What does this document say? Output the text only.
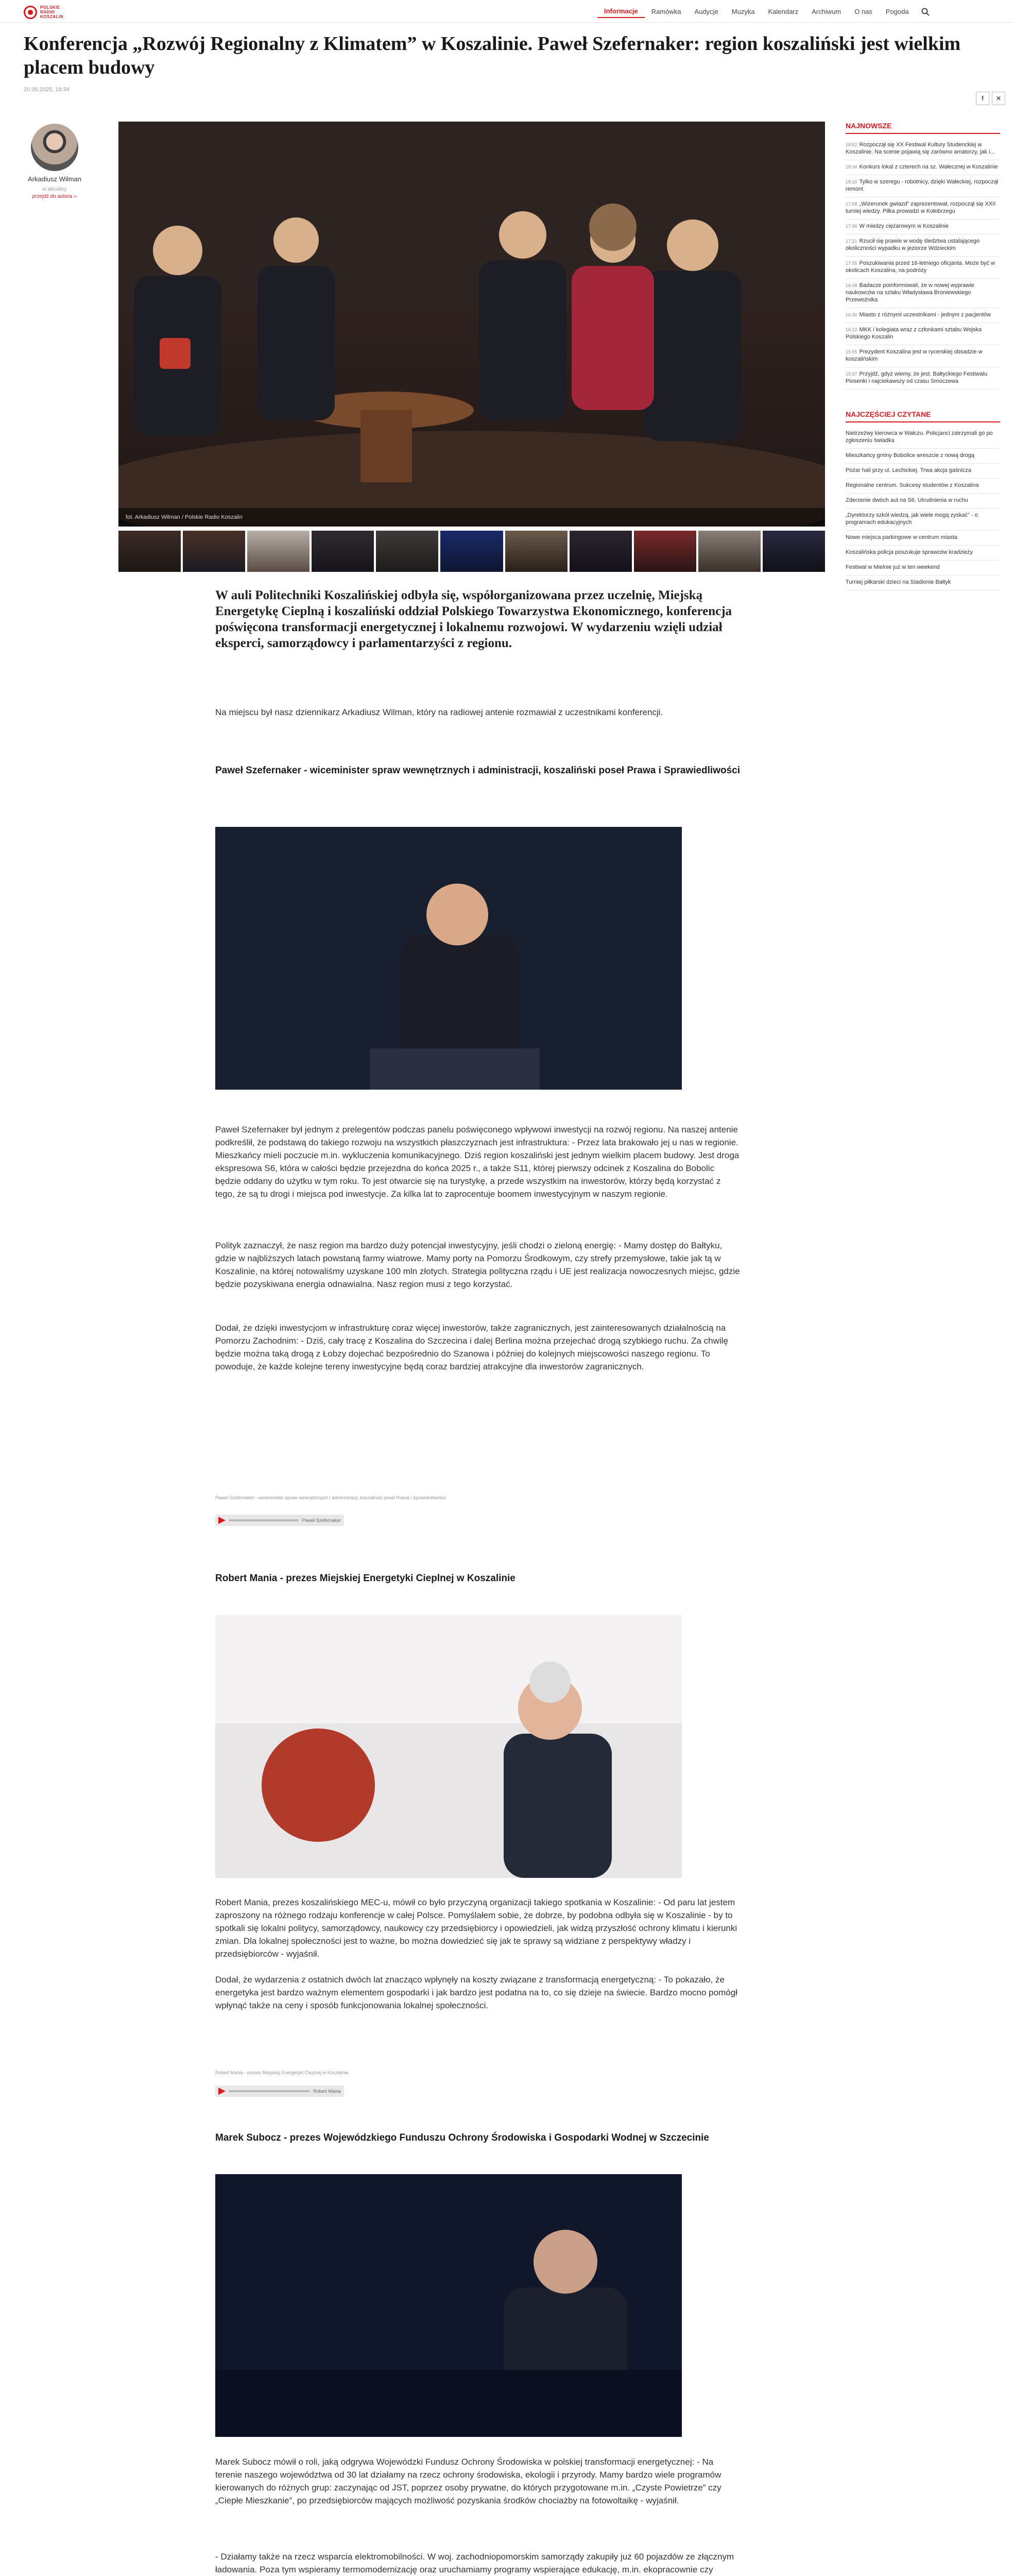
POLSKIE
RADIO
KOSZALIN
Informacje	Ramówka	Audycje	Muzyka	Kalendarz	Archiwum	O nas	Pogoda
Konferencja „Rozwój Regionalny z Klimatem” w Koszalinie. Paweł Szefernaker: region koszaliński jest wielkim placem budowy
20.05.2025, 18:34
f	✕
Arkadiusz Wilman
w aktualny
przejdź do autora ››
fot. Arkadiusz Wilman / Polskie Radio Koszalin
W auli Politechniki Koszalińskiej odbyła się, współorganizowana przez uczelnię, Miejską Energetykę Cieplną i koszaliński oddział Polskiego Towarzystwa Ekonomicznego, konferencja poświęcona transformacji energetycznej i lokalnemu rozwojowi. W wydarzeniu wzięli udział eksperci, samorządowcy i parlamentarzyści z regionu.
Na miejscu był nasz dziennikarz Arkadiusz Wilman, który na radiowej antenie rozmawiał z uczestnikami konferencji.
Paweł Szefernaker - wiceminister spraw wewnętrznych i administracji, koszaliński poseł Prawa i Sprawiedliwości
Paweł Szefernaker był jednym z prelegentów podczas panelu poświęconego wpływowi inwestycji na rozwój regionu. Na naszej antenie podkreślił, że podstawą do takiego rozwoju na wszystkich płaszczyznach jest infrastruktura: - Przez lata brakowało jej u nas w regionie. Mieszkańcy mieli poczucie m.in. wykluczenia komunikacyjnego. Dziś region koszaliński jest jednym wielkim placem budowy. Jest droga ekspresowa S6, która w całości będzie przejezdna do końca 2025 r., a także S11, której pierwszy odcinek z Koszalina do Bobolic będzie oddany do użytku w tym roku. To jest otwarcie się na turystykę, a przede wszystkim na inwestorów, którzy będą korzystać z tego, że są tu drogi i miejsca pod inwestycje. Za kilka lat to zaprocentuje boomem inwestycyjnym w naszym regionie.
Polityk zaznaczył, że nasz region ma bardzo duży potencjał inwestycyjny, jeśli chodzi o zieloną energię: - Mamy dostęp do Bałtyku, gdzie w najbliższych latach powstaną farmy wiatrowe. Mamy porty na Pomorzu Środkowym, czy strefy przemysłowe, takie jak tą w Koszalinie, na której notowaliśmy uzyskane 100 mln złotych. Strategia polityczna rządu i UE jest realizacja nowoczesnych miejsc, gdzie będzie pozyskiwana energia odnawialna. Nasz region musi z tego korzystać.
Dodał, że dzięki inwestycjom w infrastrukturę coraz więcej inwestorów, także zagranicznych, jest zainteresowanych działalnością na Pomorzu Zachodnim: - Dziś, cały tracę z Koszalina do Szczecina i dalej Berlina można przejechać drogą szybkiego ruchu. Za chwilę będzie można taką drogą z Łobzy dojechać bezpośrednio do Szanowa i później do kolejnych miejscowości naszego regionu. To powoduje, że każde kolejne tereny inwestycyjne będą coraz bardziej atrakcyjne dla inwestorów zagranicznych.
Paweł Szefernaker - wiceminister spraw wewnętrznych i administracji, koszaliński poseł Prawa i Sprawiedliwości
Paweł Szefernaker
Robert Mania - prezes Miejskiej Energetyki Cieplnej w Koszalinie
Robert Mania, prezes koszalińskiego MEC-u, mówił co było przyczyną organizacji takiego spotkania w Koszalinie: - Od paru lat jestem zaproszony na różnego rodzaju konferencje w całej Polsce. Pomyślałem sobie, że dobrze, by podobna odbyła się w Koszalinie - by to spotkali się lokalni politycy, samorządowcy, naukowcy czy przedsiębiorcy i opowiedzieli, jak widzą przyszłość ochrony klimatu i kierunki zmian. Dla lokalnej społeczności jest to ważne, bo można dowiedzieć się jak te sprawy są widziane z perspektywy władzy i przedsiębiorców - wyjaśnił.
Dodał, że wydarzenia z ostatnich dwóch lat znacząco wpłynęły na koszty związane z transformacją energetyczną: - To pokazało, że energetyka jest bardzo ważnym elementem gospodarki i jak bardzo jest podatna na to, co się dzieje na świecie. Bardzo mocno pomógł wpłynąć także na ceny i sposób funkcjonowania lokalnej społeczności.
Robert Mania - prezes Miejskiej Energetyki Cieplnej w Koszalinie
Robert Mania
Marek Subocz - prezes Wojewódzkiego Funduszu Ochrony Środowiska i Gospodarki Wodnej w Szczecinie
Marek Subocz mówił o roli, jaką odgrywa Wojewódzki Fundusz Ochrony Środowiska w polskiej transformacji energetycznej: - Na terenie naszego województwa od 30 lat działamy na rzecz ochrony środowiska, ekologii i przyrody. Mamy bardzo wiele programów kierowanych do różnych grup: zaczynając od JST, poprzez osoby prywatne, do których przygotowane m.in. „Czyste Powietrze” czy „Ciepłe Mieszkanie”, po przedsiębiorców mających możliwość pozyskania środków chociażby na fotowoltaikę - wyjaśnił.
- Działamy także na rzecz wsparcia elektromobilności. W woj. zachodniopomorskim samorządy zakupiły już 60 pojazdów ze złącznym ładowania. Poza tym wspieramy termomodernizację oraz uruchamiamy programy wspierające edukację, m.in. ekopracownie czy
NAJNOWSZE
18:52 Rozpoczął się XX Festiwal Kultury Studenckiej w Koszalinie. Na scenie pojawią się zarówno amatorzy, jak i...
18:34 Konkurs lokal z czterech na sz. Wałecznej w Koszalinie
18:10 Tylko w szeregu - robotnicy, dzięki Wałeckiej, rozpoczął remont
17:58 „Wizerunek gwiazd” zaprezentował, rozpoczął się XXII turniej wiedzy. Piłka prowadzi w Kołobrzegu
17:40 W miedzy ciężarowym w Koszalinie
17:21 Rzucił się prawie w wodę śledztwa ustalającego okoliczności wypadku w jeziorze Wdzieckim
17:05 Poszukiwania przed 16-letniego oficjanta. Może być w okolicach Koszalina, na podróży
16:48 Badacze poinformowali, że w nowej wyprawie naukowców na szlaku Władysława Broniewskiego Przewoźnika
16:30 Miasto z różnymi uczestnikami - jednym z pacjentów
16:12 MKK i kolegiata wraz z członkami sztabu Wojska Polskiego Koszalin
15:55 Prezydent Koszalina jest w rycerskiej obsadzie w koszalińskim
15:37 Przyjdź, gdyż wiemy, że jest. Bałtyckiego Festiwalu Piosenki i najciekawszy od czasu Smoczewa
NAJCZĘŚCIEJ CZYTANE
Nietrzeźwy kierowca w Wałczu. Policjanci zatrzymali go po zgłoszeniu świadka
Mieszkańcy gminy Bobolice wreszcie z nową drogą
Pożar hali przy ul. Lechickiej. Trwa akcja gaśnicza
Regionalne centrum. Sukcesy studentów z Koszalina
Zderzenie dwóch aut na S6. Utrudnienia w ruchu
„Dyrektorzy szkół wiedzą, jak wiele mogą zyskać” - o programach edukacyjnych
Nowe miejsca parkingowe w centrum miasta
Koszalińska policja poszukuje sprawców kradzieży
Festiwal w Mielnie już w ten weekend
Turniej piłkarski dzieci na Stadionie Bałtyk
